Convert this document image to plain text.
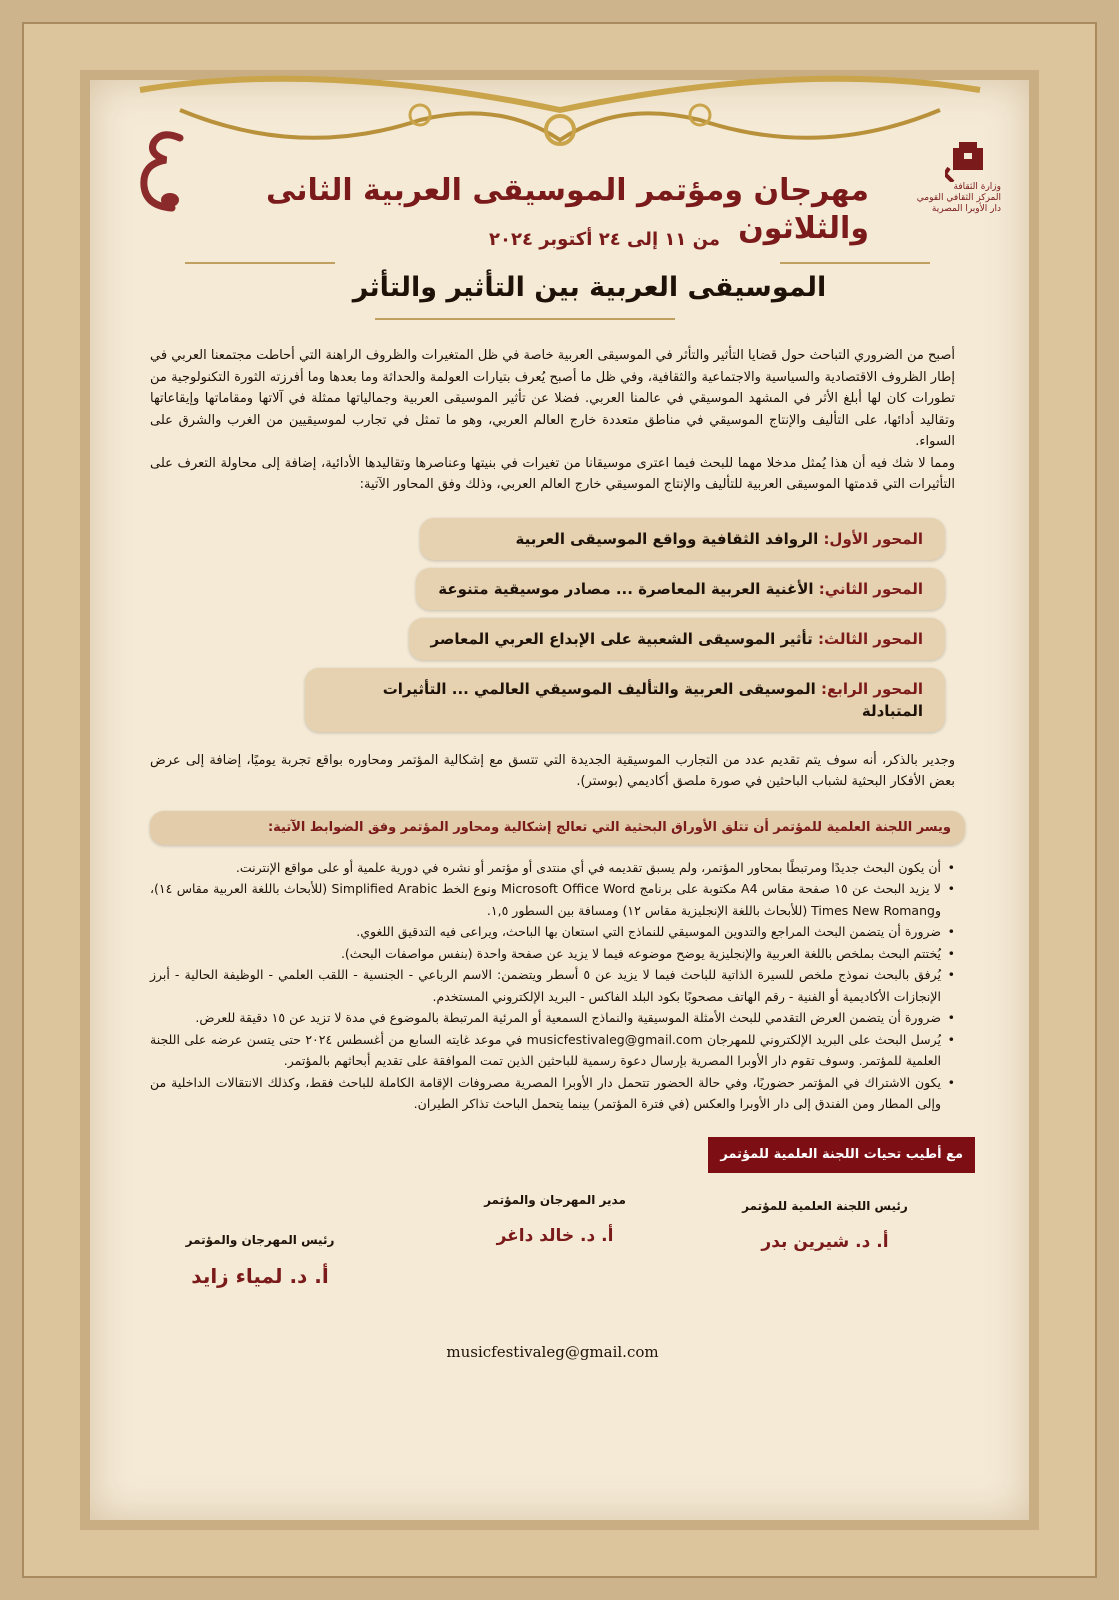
وزارة الثقافة
المركز الثقافي القومي
دار الأوبرا المصرية
مهرجان ومؤتمر الموسيقى العربية الثانى والثلاثون
من ١١ إلى ٢٤ أكتوبر ٢٠٢٤
الموسيقى العربية بين التأثير والتأثر

أصبح من الضروري التباحث حول قضايا التأثير والتأثر في الموسيقى العربية خاصة في ظل المتغيرات والظروف الراهنة التي أحاطت مجتمعنا العربي في إطار الظروف الاقتصادية والسياسية والاجتماعية والثقافية، وفي ظل ما أصبح يُعرف بتيارات العولمة والحداثة وما بعدها وما أفرزته الثورة التكنولوجية من تطورات كان لها أبلغ الأثر في المشهد الموسيقي في عالمنا العربي. فضلا عن تأثير الموسيقى العربية وجمالياتها ممثلة في آلاتها ومقاماتها وإيقاعاتها وتقاليد أدائها، على التأليف والإنتاج الموسيقي في مناطق متعددة خارج العالم العربي، وهو ما تمثل في تجارب لموسيقيين من الغرب والشرق على السواء.

ومما لا شك فيه أن هذا يُمثل مدخلا مهما للبحث فيما اعترى موسيقانا من تغيرات في بنيتها وعناصرها وتقاليدها الأدائية، إضافة إلى محاولة التعرف على التأثيرات التي قدمتها الموسيقى العربية للتأليف والإنتاج الموسيقي خارج العالم العربي، وذلك وفق المحاور الآتية:

المحور الأول: الروافد الثقافية وواقع الموسيقى العربية
المحور الثاني: الأغنية العربية المعاصرة ... مصادر موسيقية متنوعة
المحور الثالث: تأثير الموسيقى الشعبية على الإبداع العربي المعاصر
المحور الرابع: الموسيقى العربية والتأليف الموسيقي العالمي ... التأثيرات المتبادلة

وجدير بالذكر، أنه سوف يتم تقديم عدد من التجارب الموسيقية الجديدة التي تتسق مع إشكالية المؤتمر ومحاوره بواقع تجربة يوميًا، إضافة إلى عرض بعض الأفكار البحثية لشباب الباحثين في صورة ملصق أكاديمي (بوستر).

ويسر اللجنة العلمية للمؤتمر أن تتلق الأوراق البحثية التي تعالج إشكالية ومحاور المؤتمر وفق الضوابط الآتية:
• أن يكون البحث جديدًا ومرتبطًا بمحاور المؤتمر، ولم يسبق تقديمه في أي منتدى أو مؤتمر أو نشره في دورية علمية أو على مواقع الإنترنت.
• لا يزيد البحث عن ١٥ صفحة مقاس A4 مكتوبة على برنامج Microsoft Office Word ونوع الخط Simplified Arabic (للأبحاث باللغة العربية مقاس ١٤)، وTimes New Romang (للأبحاث باللغة الإنجليزية مقاس ١٢) ومسافة بين السطور ١,٥.
• ضرورة أن يتضمن البحث المراجع والتدوين الموسيقي للنماذج التي استعان بها الباحث، ويراعى فيه التدقيق اللغوي.
• يُختتم البحث بملخص باللغة العربية والإنجليزية يوضح موضوعه فيما لا يزيد عن صفحة واحدة (بنفس مواصفات البحث).
• يُرفق بالبحث نموذج ملخص للسيرة الذاتية للباحث فيما لا يزيد عن ٥ أسطر ويتضمن: الاسم الرباعي - الجنسية - اللقب العلمي - الوظيفة الحالية - أبرز الإنجازات الأكاديمية أو الفنية - رقم الهاتف مصحوبًا بكود البلد الفاكس - البريد الإلكتروني المستخدم.
• ضرورة أن يتضمن العرض التقدمي للبحث الأمثلة الموسيقية والنماذج السمعية أو المرئية المرتبطة بالموضوع في مدة لا تزيد عن ١٥ دقيقة للعرض.
• يُرسل البحث على البريد الإلكتروني للمهرجان musicfestivaleg@gmail.com في موعد غايته السابع من أغسطس ٢٠٢٤ حتى يتسن عرضه على اللجنة العلمية للمؤتمر. وسوف تقوم دار الأوبرا المصرية بإرسال دعوة رسمية للباحثين الذين تمت الموافقة على تقديم أبحاثهم بالمؤتمر.
• يكون الاشتراك في المؤتمر حضوريًا، وفي حالة الحضور تتحمل دار الأوبرا المصرية مصروفات الإقامة الكاملة للباحث فقط، وكذلك الانتقالات الداخلية من وإلى المطار ومن الفندق إلى دار الأوبرا والعكس (في فترة المؤتمر) بينما يتحمل الباحث تذاكر الطيران.
مع أطيب تحيات اللجنة العلمية للمؤتمر
رئيس اللجنة العلمية للمؤتمر
أ. د. شيرين بدر
مدير المهرجان والمؤتمر
أ. د. خالد داغر
رئيس المهرجان والمؤتمر
أ. د. لمياء زايد
musicfestivaleg@gmail.com
